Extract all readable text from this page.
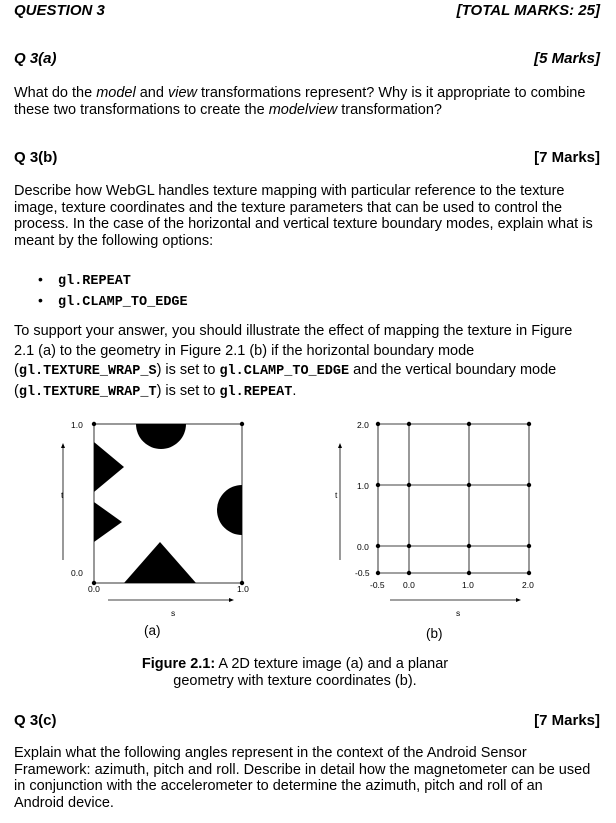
QUESTION 3	[TOTAL MARKS: 25]
Q 3(a)	[5 Marks]
What do the model and view transformations represent? Why is it appropriate to combine these two transformations to create the modelview transformation?
Q 3(b)	[7 Marks]
Describe how WebGL handles texture mapping with particular reference to the texture image, texture coordinates and the texture parameters that can be used to control the process. In the case of the horizontal and vertical texture boundary modes, explain what is meant by the following options:
• gl.REPEAT
• gl.CLAMP_TO_EDGE
To support your answer, you should illustrate the effect of mapping the texture in Figure 2.1 (a) to the geometry in Figure 2.1 (b) if the horizontal boundary mode (gl.TEXTURE_WRAP_S) is set to gl.CLAMP_TO_EDGE and the vertical boundary mode (gl.TEXTURE_WRAP_T) is set to gl.REPEAT.
1.0
0.0
0.0	1.0
t
s
(a)
2.0
1.0
0.0
-0.5
-0.5 0.0	1.0	2.0
t
s
(b)
Figure 2.1: A 2D texture image (a) and a planar
geometry with texture coordinates (b).
Q 3(c)	[7 Marks]
Explain what the following angles represent in the context of the Android Sensor Framework: azimuth, pitch and roll. Describe in detail how the magnetometer can be used in conjunction with the accelerometer to determine the azimuth, pitch and roll of an Android device.
